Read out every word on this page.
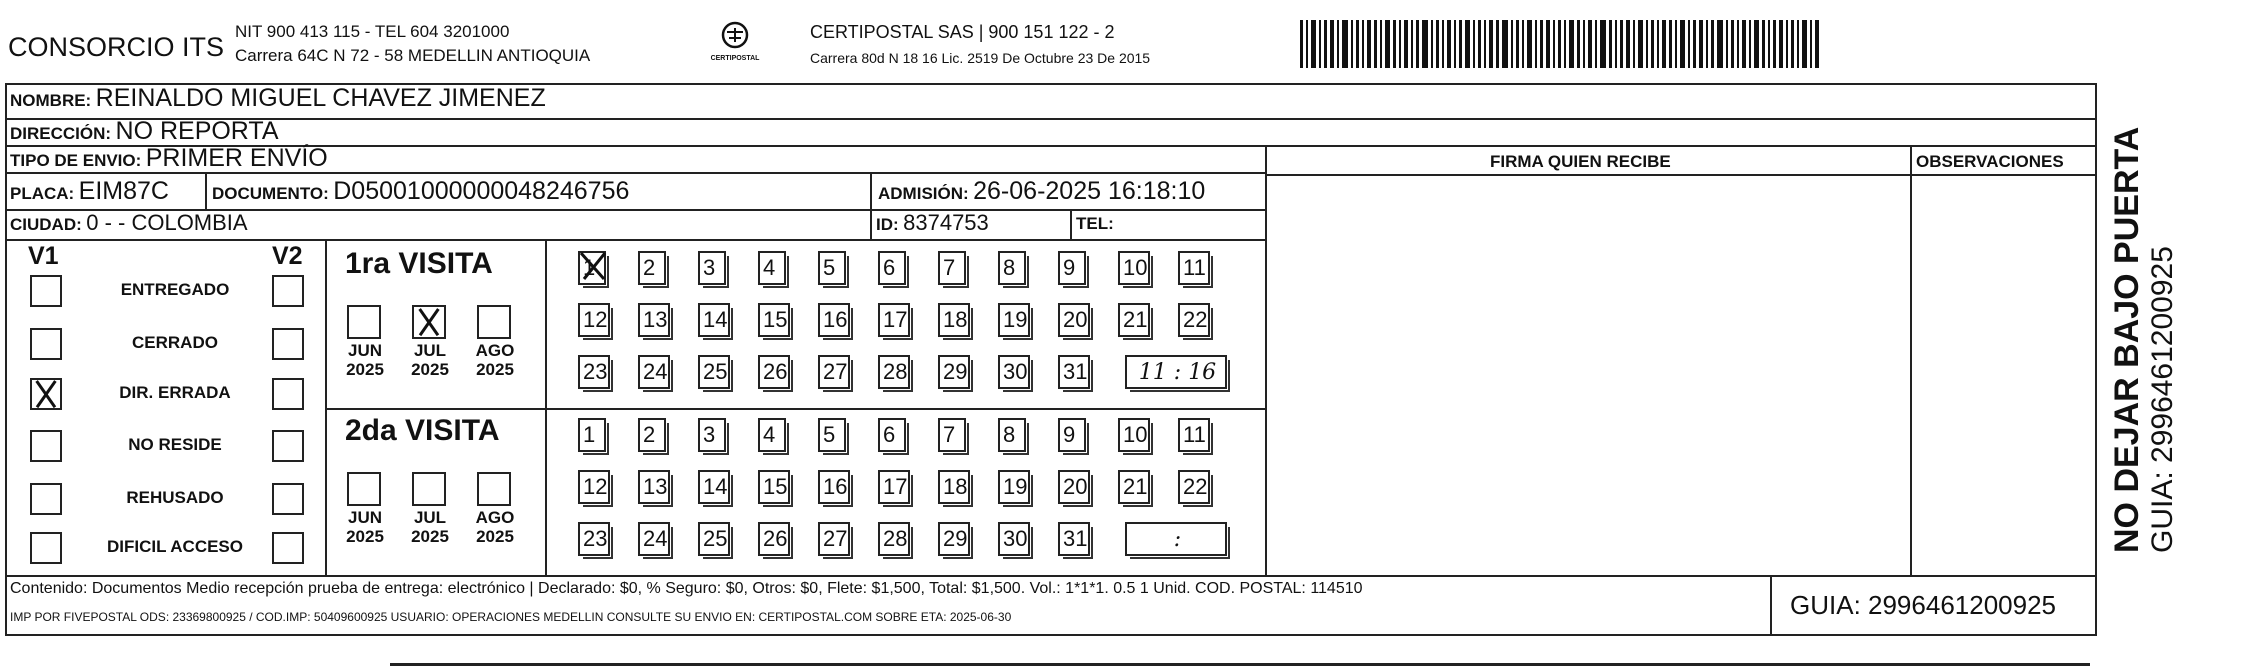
CONSORCIO ITS
NIT 900 413 115 - TEL 604 3201000
Carrera 64C N 72 - 58 MEDELLIN ANTIOQUIA	CERTIPOSTAL
CERTIPOSTAL SAS | 900 151 122 - 2
Carrera 80d N 18 16 Lic. 2519 De Octubre 23 De 2015
NOMBRE: REINALDO MIGUEL CHAVEZ JIMENEZ
DIRECCIÓN: NO REPORTA
TIPO DE ENVIO: PRIMER ENVÍO
PLACA: EIM87C	DOCUMENTO: D05001000000048246756	ADMISIÓN: 26-06-2025 16:18:10
CIUDAD: 0 - - COLOMBIA	ID: 8374753	TEL:
FIRMA QUIEN RECIBE	OBSERVACIONES
V1	V2
ENTREGADO
CERRADO
DIR. ERRADA
NO RESIDE
REHUSADO
DIFICIL ACCESO
1ra VISITA
JUN
2025
JUL
2025
AGO
2025
1	2	3	4	5	6	7	8	9	10 11
12 13 14 15 16 17 18 19 20 21 22
23 24 25 26 27 28 29 30 31	11 : 16
2da VISITA
JUN
2025
JUL
2025
AGO
2025
1	2	3	4	5	6	7	8	9	10 11
12 13 14 15 16 17 18 19 20 21 22
23 24 25 26 27 28 29 30 31	:
Contenido: Documentos Medio recepción prueba de entrega: electrónico | Declarado: $0, % Seguro: $0, Otros: $0, Flete: $1,500, Total: $1,500. Vol.: 1*1*1. 0.5 1 Unid. COD. POSTAL: 114510
IMP POR FIVEPOSTAL ODS: 23369800925 / COD.IMP: 50409600925 USUARIO: OPERACIONES MEDELLIN CONSULTE SU ENVIO EN: CERTIPOSTAL.COM SOBRE ETA: 2025-06-30	GUIA: 2996461200925
NO DEJAR BAJO PUERTA GUIA: 2996461200925
